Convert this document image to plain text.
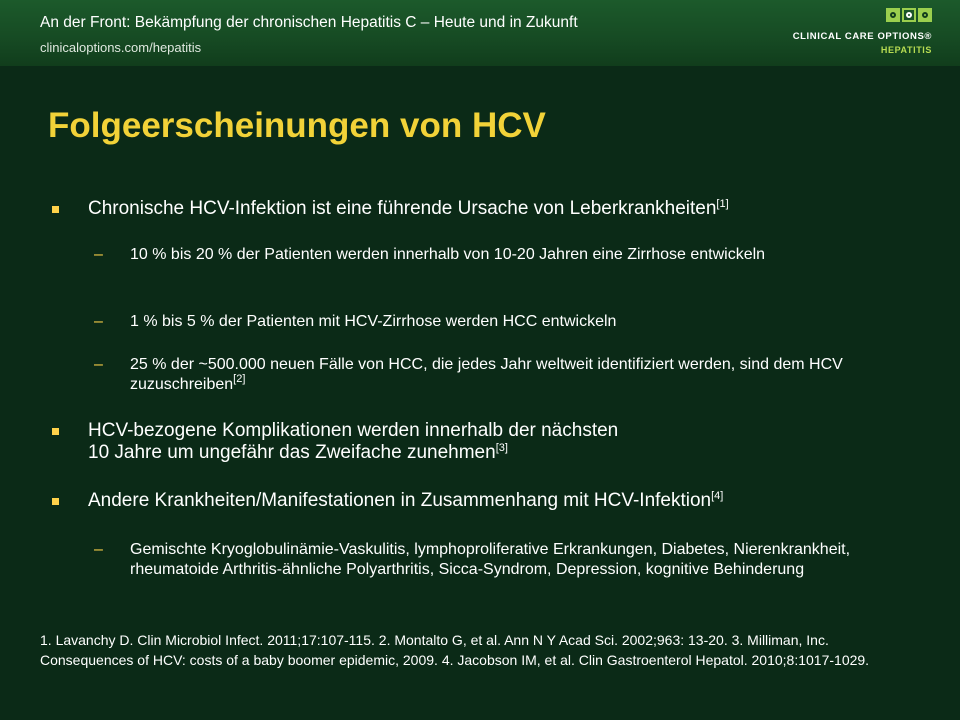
An der Front: Bekämpfung der chronischen Hepatitis C – Heute und in Zukunft
clinicaloptions.com/hepatitis
CLINICAL CARE OPTIONS®
HEPATITIS
Folgeerscheinungen von HCV
Chronische HCV-Infektion ist eine führende Ursache von Leberkrankheiten[1]
– 10 % bis 20 % der Patienten werden innerhalb von 10-20 Jahren eine Zirrhose entwickeln
– 1 % bis 5 % der Patienten mit HCV-Zirrhose werden HCC entwickeln
– 25 % der ~500.000 neuen Fälle von HCC, die jedes Jahr weltweit identifiziert werden, sind dem HCV zuzuschreiben[2]
HCV-bezogene Komplikationen werden innerhalb der nächsten
10 Jahre um ungefähr das Zweifache zunehmen[3]
Andere Krankheiten/Manifestationen in Zusammenhang mit HCV-Infektion[4]
– Gemischte Kryoglobulinämie-Vaskulitis, lymphoproliferative Erkrankungen, Diabetes, Nierenkrankheit, rheumatoide Arthritis-ähnliche Polyarthritis, Sicca-Syndrom, Depression, kognitive Behinderung
1. Lavanchy D. Clin Microbiol Infect. 2011;17:107-115. 2. Montalto G, et al. Ann N Y Acad Sci. 2002;963: 13-20. 3. Milliman, Inc. Consequences of HCV: costs of a baby boomer epidemic, 2009. 4. Jacobson IM, et al. Clin Gastroenterol Hepatol. 2010;8:1017-1029.
